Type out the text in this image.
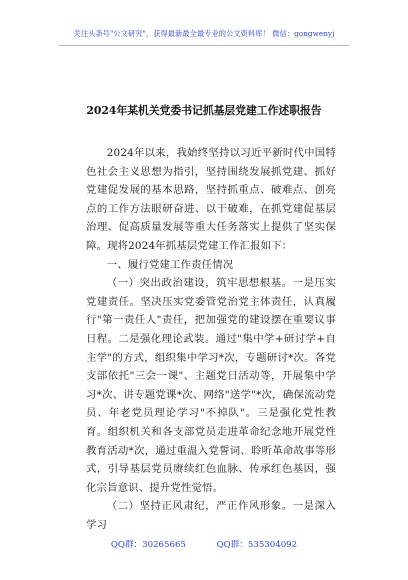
关注头条号"公文研究"，获得最新最全最专业的公文资料库！ 微信：gongwenyj
2024年某机关党委书记抓基层党建工作述职报告

2024年以来，我始终坚持以习近平新时代中国特色社会主义思想为指引，坚持围绕发展抓党建、抓好党建促发展的基本思路，坚持抓重点、破难点、创亮点的工作方法眼研奋进、以干破难，在抓党建促基层治理、促高质量发展等重大任务落实上提供了坚实保障。现将2024年抓基层党建工作汇报如下：

一、履行党建工作责任情况

（一）突出政治建设，筑牢思想根基。一是压实党建责任。坚决压实党委管党治党主体责任，认真履行"第一责任人"责任，把加强党的建设摆在重要议事日程。二是强化理论武装。通过"集中学+研讨学+自主学"的方式，组织集中学习*次，专题研讨*次。各党支部依托"三会一课"、主题党日活动等，开展集中学习*次、讲专题党课*次、网络"送学"*次，确保流动党员、年老党员理论学习"不掉队"。三是强化党性教育。组织机关和各支部党员走进革命纪念地开展党性教育活动*次，通过重温入党誓词、聆听革命故事等形式，引导基层党员赓续红色血脉、传承红色基因，强化宗旨意识、提升党性觉悟。

（二）坚持正风肃纪，严正作风形象。一是深入学习

QQ群：30265665	QQ群：535304092
